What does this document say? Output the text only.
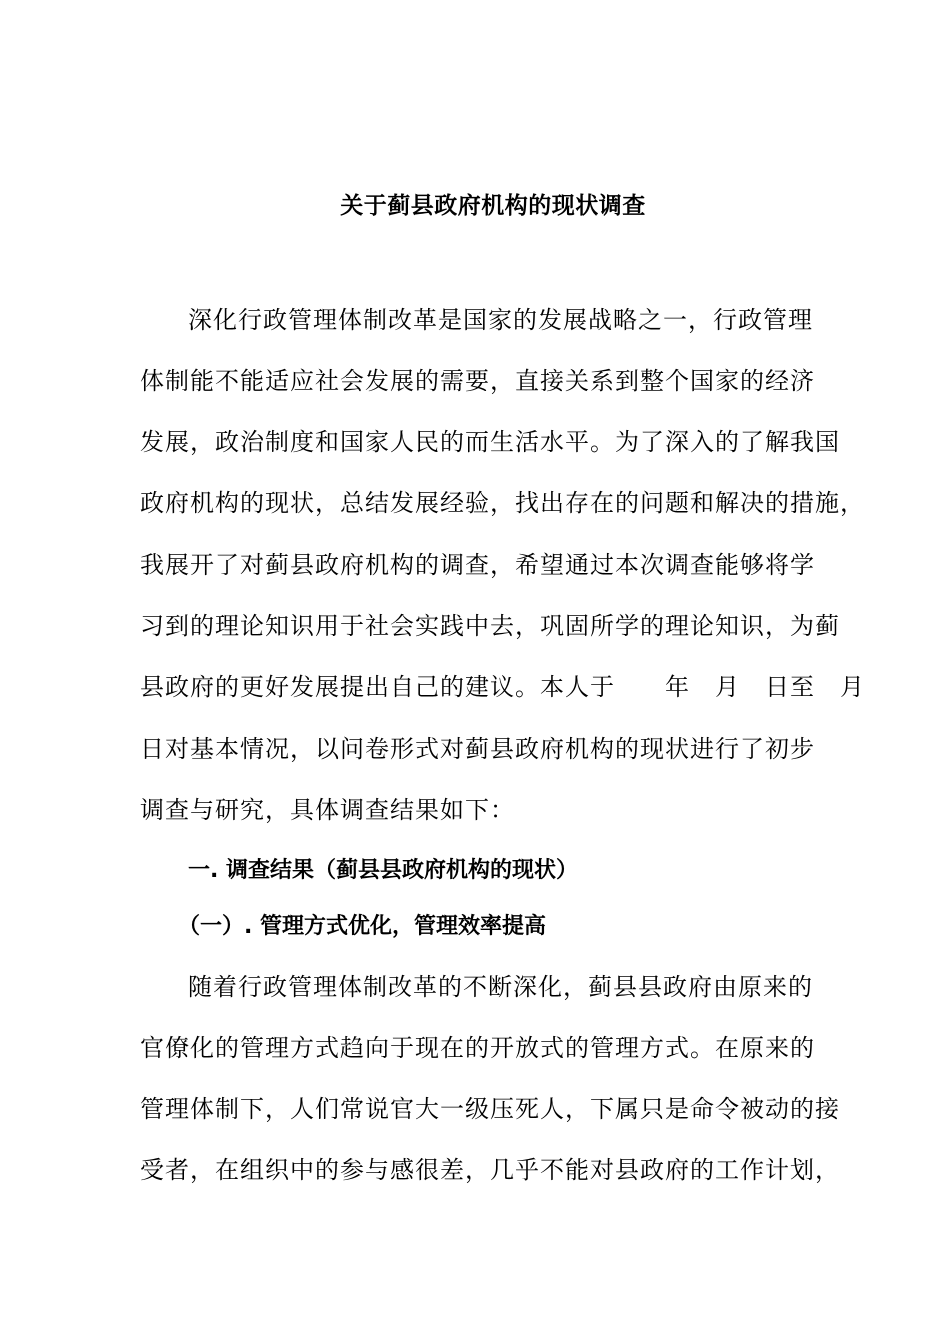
关于蓟县政府机构的现状调查
深化行政管理体制改革是国家的发展战略之一，行政管理
体制能不能适应社会发展的需要，直接关系到整个国家的经济
发展，政治制度和国家人民的而生活水平。为了深入的了解我国
政府机构的现状，总结发展经验，找出存在的问题和解决的措施，
我展开了对蓟县政府机构的调查，希望通过本次调查能够将学
习到的理论知识用于社会实践中去，巩固所学的理论知识，为蓟
县政府的更好发展提出自己的建议。本人于　　年　月　日至　月
日对基本情况，以问卷形式对蓟县政府机构的现状进行了初步
调查与研究，具体调查结果如下：
一. 调查结果（蓟县县政府机构的现状）
（一）. 管理方式优化，管理效率提高
随着行政管理体制改革的不断深化，蓟县县政府由原来的
官僚化的管理方式趋向于现在的开放式的管理方式。在原来的
管理体制下，人们常说官大一级压死人，下属只是命令被动的接
受者，在组织中的参与感很差，几乎不能对县政府的工作计划，
